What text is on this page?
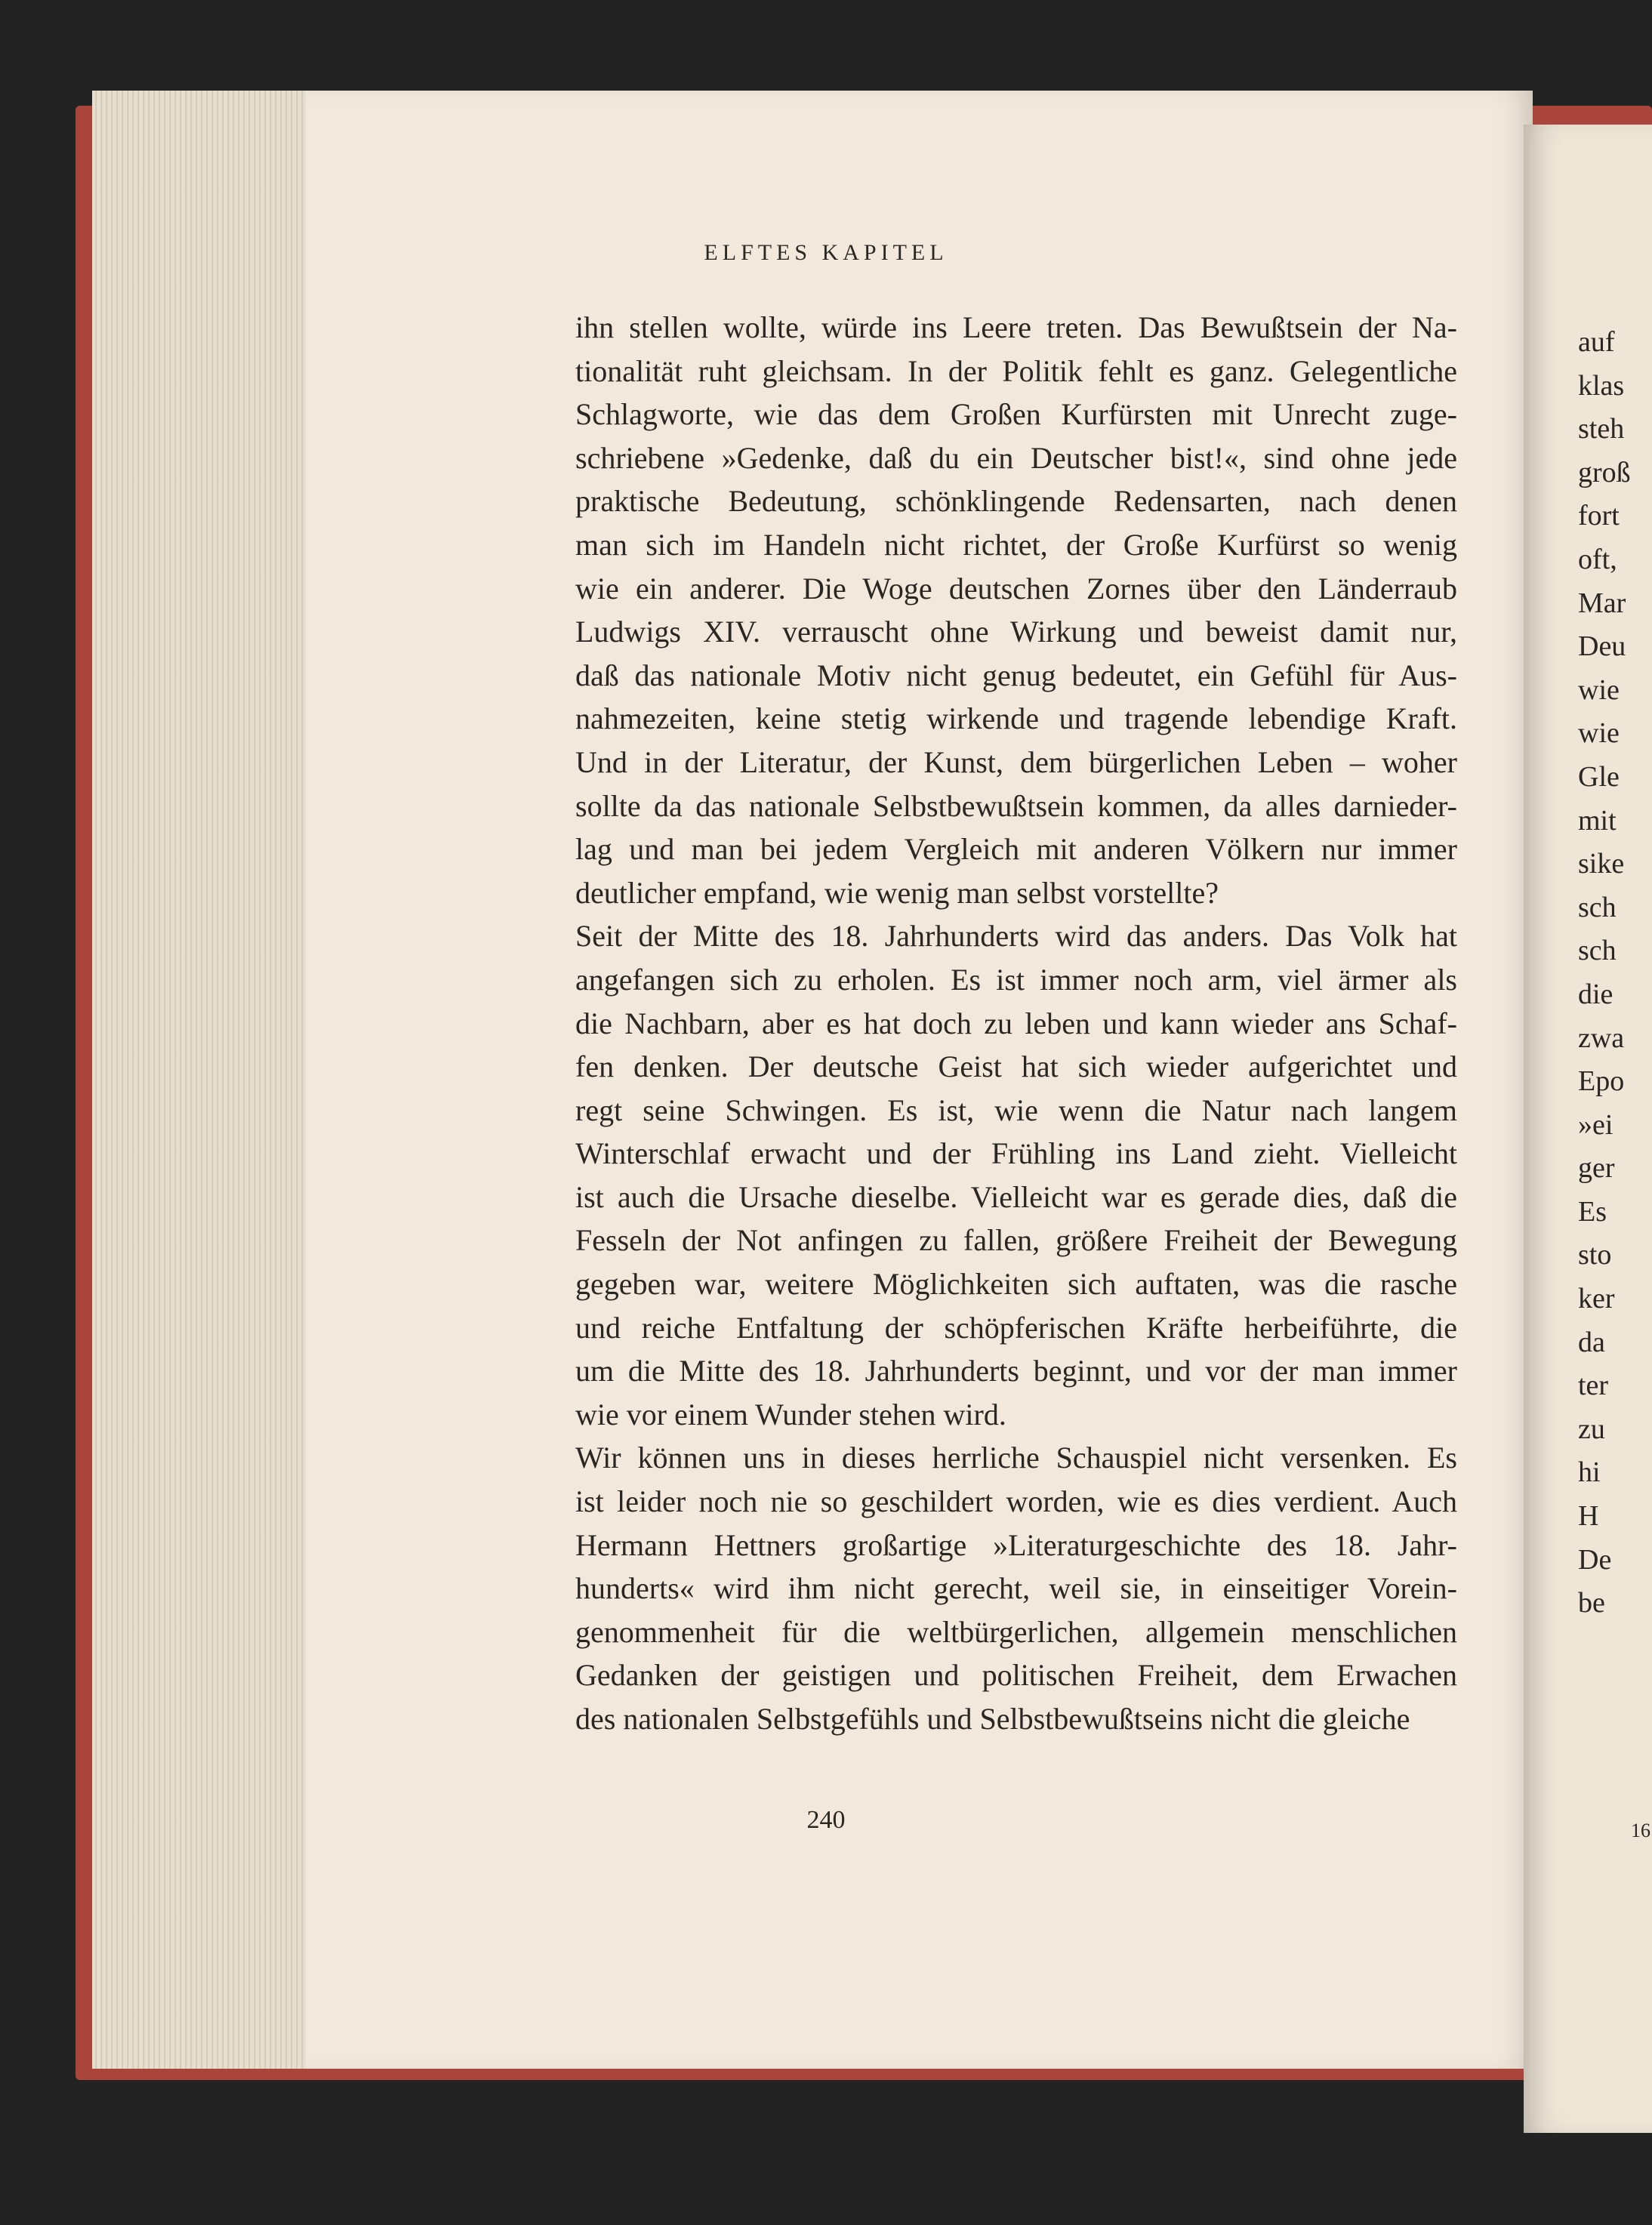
ELFTES KAPITEL
ihn stellen wollte, würde ins Leere treten. Das Bewußtsein der Na-
tionalität ruht gleichsam. In der Politik fehlt es ganz. Gelegentliche
Schlagworte, wie das dem Großen Kurfürsten mit Unrecht zuge-
schriebene »Gedenke, daß du ein Deutscher bist!«, sind ohne jede
praktische Bedeutung, schönklingende Redensarten, nach denen
man sich im Handeln nicht richtet, der Große Kurfürst so wenig
wie ein anderer. Die Woge deutschen Zornes über den Länderraub
Ludwigs XIV. verrauscht ohne Wirkung und beweist damit nur,
daß das nationale Motiv nicht genug bedeutet, ein Gefühl für Aus-
nahmezeiten, keine stetig wirkende und tragende lebendige Kraft.
Und in der Literatur, der Kunst, dem bürgerlichen Leben – woher
sollte da das nationale Selbstbewußtsein kommen, da alles darnieder-
lag und man bei jedem Vergleich mit anderen Völkern nur immer
deutlicher empfand, wie wenig man selbst vorstellte?
Seit der Mitte des 18. Jahrhunderts wird das anders. Das Volk hat
angefangen sich zu erholen. Es ist immer noch arm, viel ärmer als
die Nachbarn, aber es hat doch zu leben und kann wieder ans Schaf-
fen denken. Der deutsche Geist hat sich wieder aufgerichtet und
regt seine Schwingen. Es ist, wie wenn die Natur nach langem
Winterschlaf erwacht und der Frühling ins Land zieht. Vielleicht
ist auch die Ursache dieselbe. Vielleicht war es gerade dies, daß die
Fesseln der Not anfingen zu fallen, größere Freiheit der Bewegung
gegeben war, weitere Möglichkeiten sich auftaten, was die rasche
und reiche Entfaltung der schöpferischen Kräfte herbeiführte, die
um die Mitte des 18. Jahrhunderts beginnt, und vor der man immer
wie vor einem Wunder stehen wird.
Wir können uns in dieses herrliche Schauspiel nicht versenken. Es
ist leider noch nie so geschildert worden, wie es dies verdient. Auch
Hermann Hettners großartige »Literaturgeschichte des 18. Jahr-
hunderts« wird ihm nicht gerecht, weil sie, in einseitiger Vorein-
genommenheit für die weltbürgerlichen, allgemein menschlichen
Gedanken der geistigen und politischen Freiheit, dem Erwachen
des nationalen Selbstgefühls und Selbstbewußtseins nicht die gleiche
240
auf
klas
steh
groß
fort
oft,
Mar
Deu
wie
wie
Gle
mit
sike
sch
sch
die
zwa
Epo
»ei
ger
Es
sto
ker
da
ter
zu
hi
H
De
be
16
